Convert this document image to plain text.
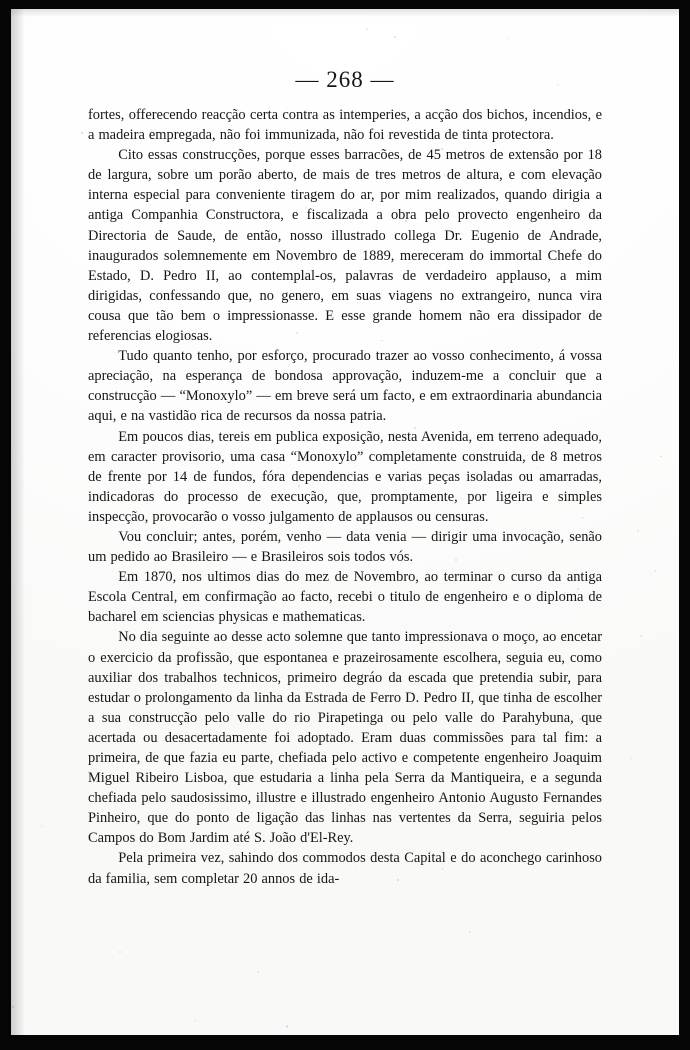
— 268 —

fortes, offerecendo reacção certa contra as intemperies, a acção dos bichos, incendios, e a madeira empregada, não foi immunizada, não foi revestida de tinta protectora.

Cito essas construcções, porque esses barracões, de 45 metros de extensão por 18 de largura, sobre um porão aberto, de mais de tres metros de altura, e com elevação interna especial para conveniente tiragem do ar, por mim realizados, quando dirigia a antiga Companhia Constructora, e fiscalizada a obra pelo provecto engenheiro da Directoria de Saude, de então, nosso illustrado collega Dr. Eugenio de Andrade, inaugurados solemnemente em Novembro de 1889, mereceram do immortal Chefe do Estado, D. Pedro II, ao contemplal-os, palavras de verdadeiro applauso, a mim dirigidas, confessando que, no genero, em suas viagens no extrangeiro, nunca vira cousa que tão bem o impressionasse. E esse grande homem não era dissipador de referencias elogiosas.

Tudo quanto tenho, por esforço, procurado trazer ao vosso conhecimento, á vossa apreciação, na esperança de bondosa approvação, induzem-me a concluir que a construcção — “Monoxylo” — em breve será um facto, e em extraordinaria abundancia aqui, e na vastidão rica de recursos da nossa patria.

Em poucos dias, tereis em publica exposição, nesta Avenida, em terreno adequado, em caracter provisorio, uma casa “Monoxylo” completamente construida, de 8 metros de frente por 14 de fundos, fóra dependencias e varias peças isoladas ou amarradas, indicadoras do processo de execução, que, promptamente, por ligeira e simples inspecção, provocarão o vosso julgamento de applausos ou censuras.

Vou concluir; antes, porém, venho — data venia — dirigir uma invocação, senão um pedido ao Brasileiro — e Brasileiros sois todos vós.

Em 1870, nos ultimos dias do mez de Novembro, ao terminar o curso da antiga Escola Central, em confirmação ao facto, recebi o titulo de engenheiro e o diploma de bacharel em sciencias physicas e mathematicas.

No dia seguinte ao desse acto solemne que tanto impressionava o moço, ao encetar o exercicio da profissão, que espontanea e prazeirosamente escolhera, seguia eu, como auxiliar dos trabalhos technicos, primeiro degráo da escada que pretendia subir, para estudar o prolongamento da linha da Estrada de Ferro D. Pedro II, que tinha de escolher a sua construcção pelo valle do rio Pirapetinga ou pelo valle do Parahybuna, que acertada ou desacertadamente foi adoptado. Eram duas commissões para tal fim: a primeira, de que fazia eu parte, chefiada pelo activo e competente engenheiro Joaquim Miguel Ribeiro Lisboa, que estudaria a linha pela Serra da Mantiqueira, e a segunda chefiada pelo saudosissimo, illustre e illustrado engenheiro Antonio Augusto Fernandes Pinheiro, que do ponto de ligação das linhas nas vertentes da Serra, seguiria pelos Campos do Bom Jardim até S. João d'El-Rey.

Pela primeira vez, sahindo dos commodos desta Capital e do aconchego carinhoso da familia, sem completar 20 annos de ida-
